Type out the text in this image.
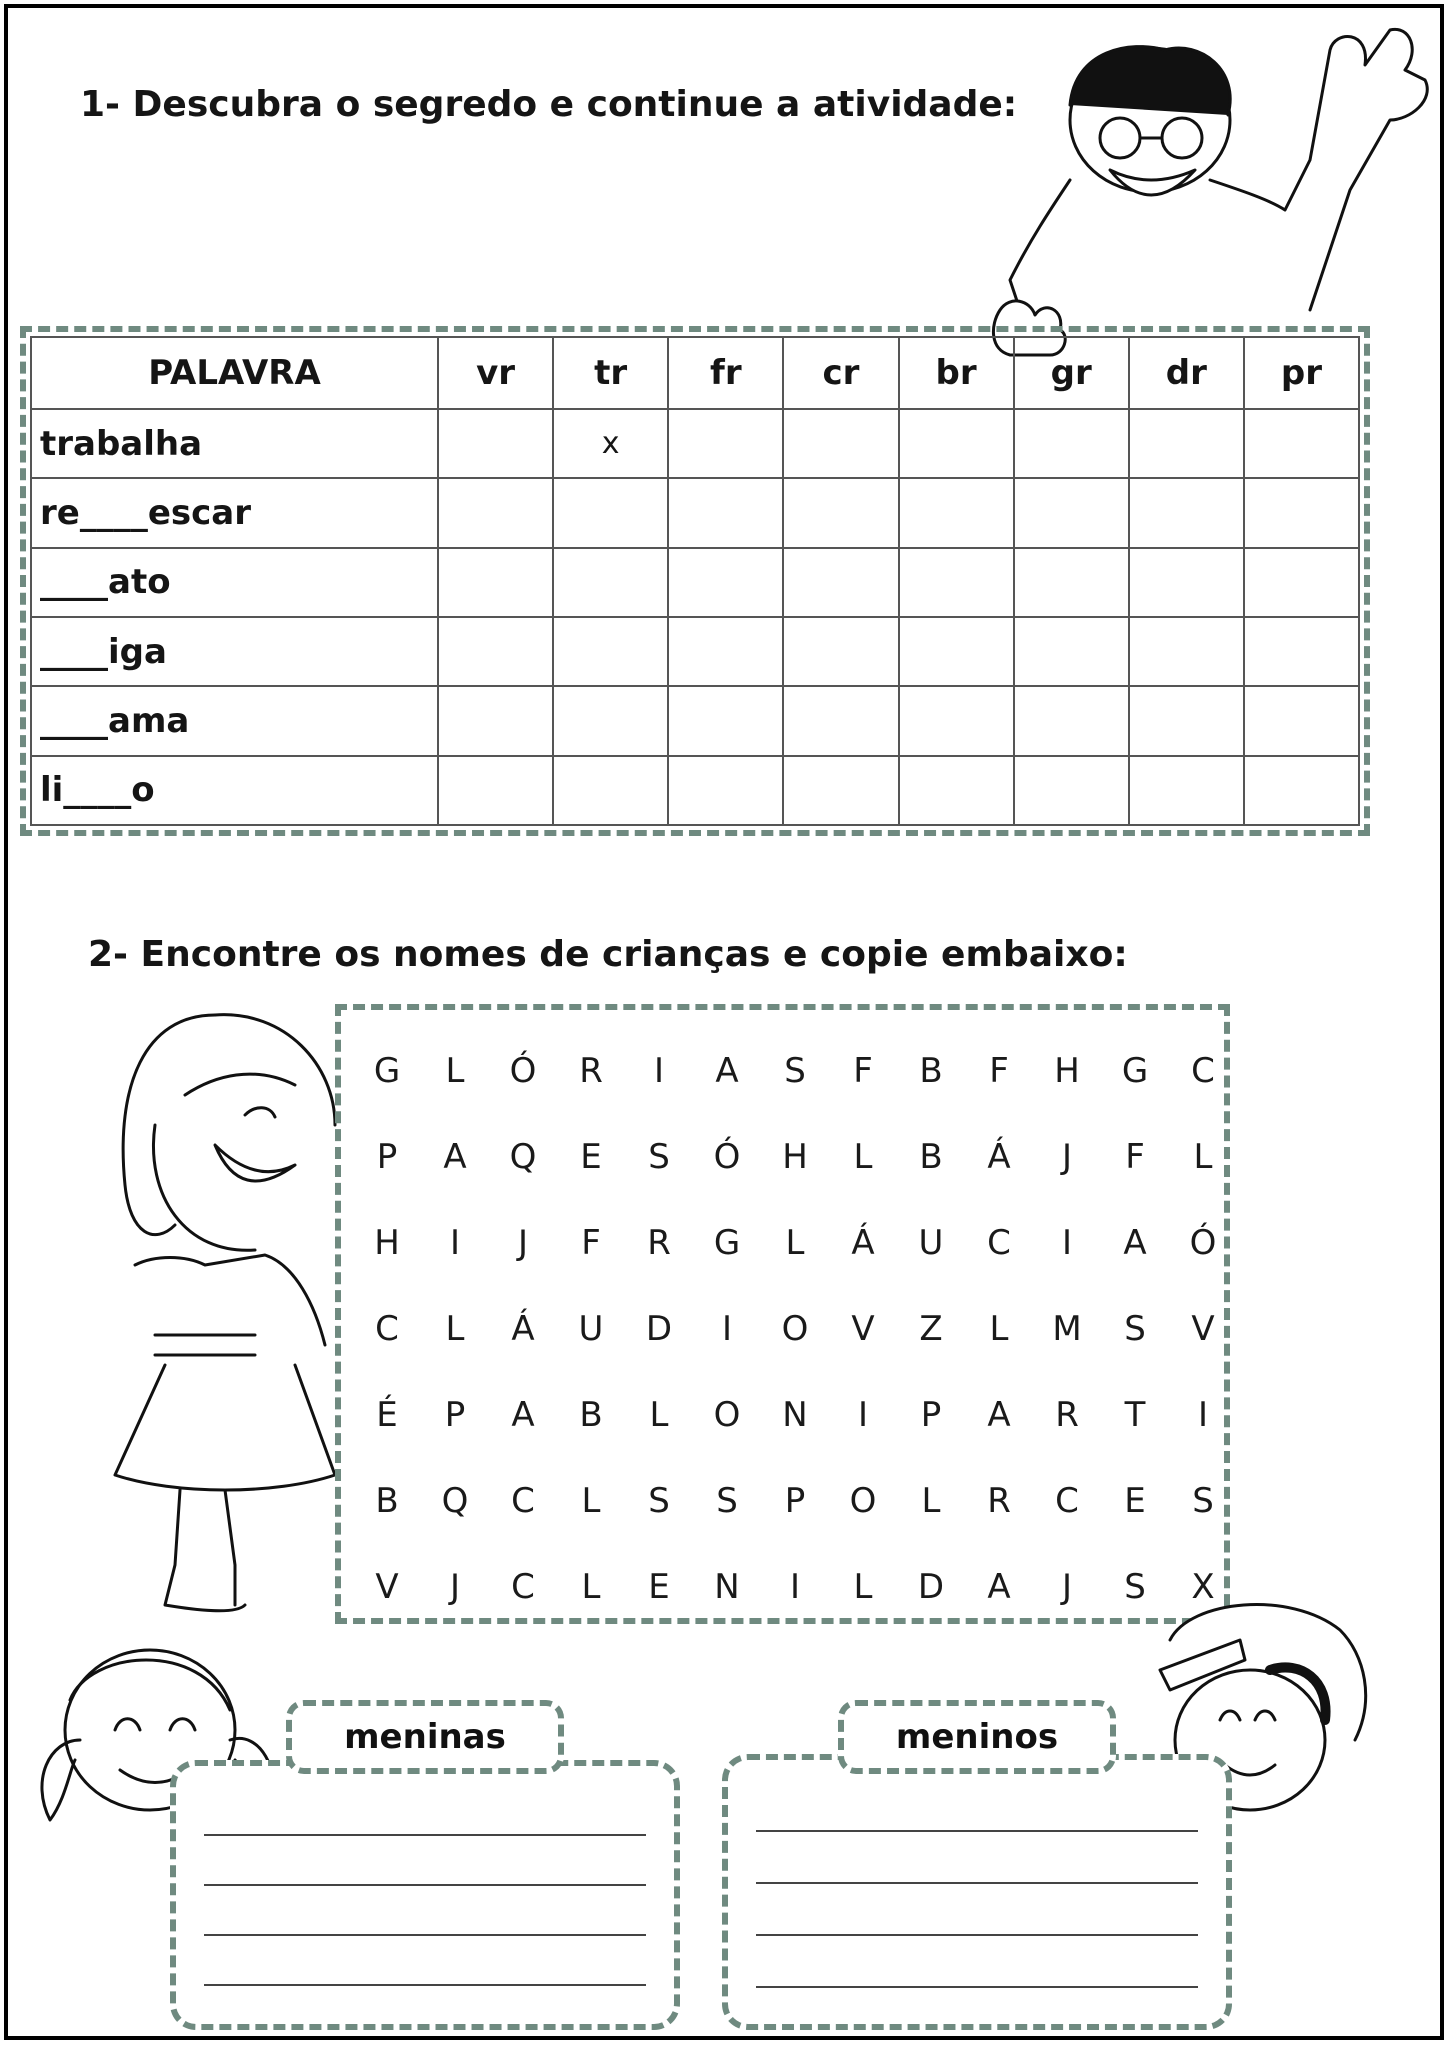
1- Descubra o segredo e continue a atividade:
PALAVRA	vr	tr	fr	cr	br	gr	dr	pr
trabalha		x						
re____escar								
____ato								
____iga								
____ama								
li____o								
2- Encontre os nomes de crianças e copie embaixo:
G	L	Ó	R	I	A	S	F	B	F	H	G	C
P	A	Q	E	S	Ó	H	L	B	Á	J	F	L
H	I	J	F	R	G	L	Á	U	C	I	A	Ó
C	L	Á	U	D	I	O	V	Z	L	M	S	V
É	P	A	B	L	O	N	I	P	A	R	T	I
B	Q	C	L	S	S	P	O	L	R	C	E	S
V	J	C	L	E	N	I	L	D	A	J	S	X
meninas	meninos
